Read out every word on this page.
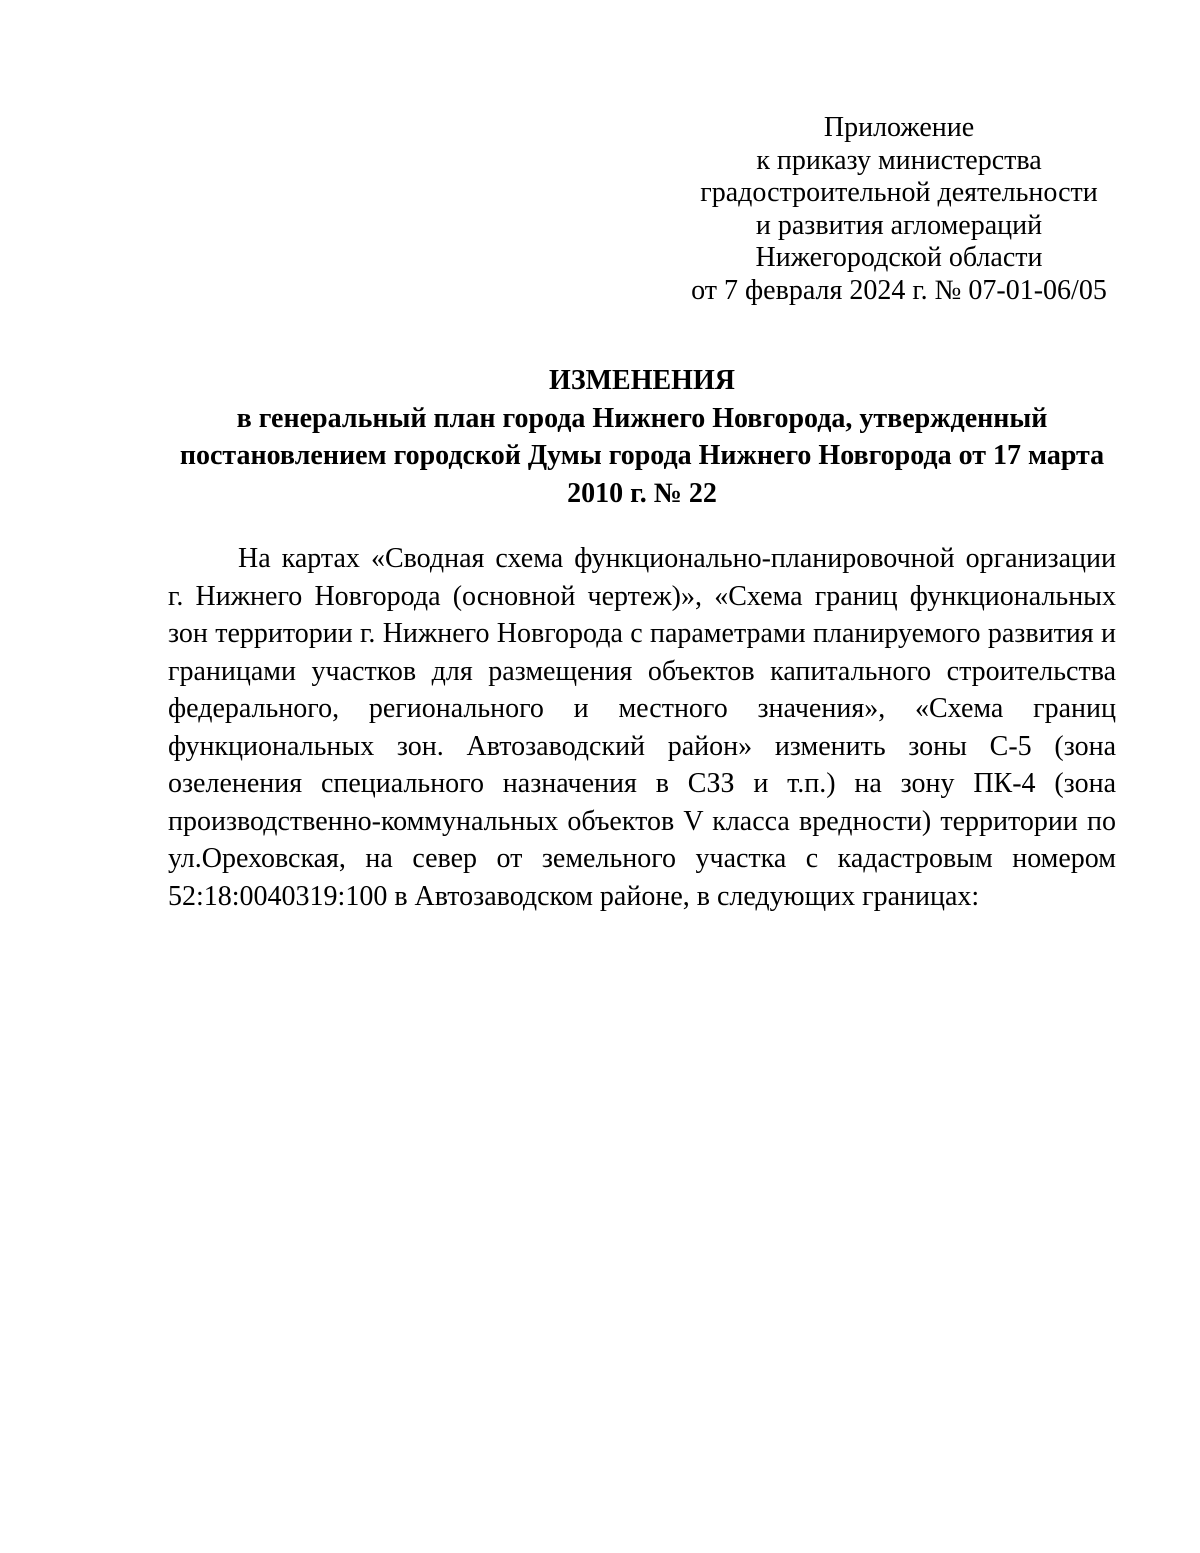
Приложение
к приказу министерства
градостроительной деятельности
и развития агломераций
Нижегородской области
от 7 февраля 2024 г. № 07-01-06/05
ИЗМЕНЕНИЯ
в генеральный план города Нижнего Новгорода, утвержденный
постановлением городской Думы города Нижнего Новгорода от 17 марта
2010 г. № 22

На картах «Сводная схема функционально-планировочной организации г. Нижнего Новгорода (основной чертеж)», «Схема границ функциональных зон территории г. Нижнего Новгорода с параметрами планируемого развития и границами участков для размещения объектов капитального строительства федерального, регионального и местного значения», «Схема границ функциональных зон. Автозаводский район» изменить зоны С-5 (зона озеленения специального назначения в СЗЗ и т.п.) на зону ПК-4 (зона производственно-коммунальных объектов V класса вредности) территории по ул.Ореховская, на север от земельного участка с кадастровым номером 52:18:0040319:100 в Автозаводском районе, в следующих границах:
